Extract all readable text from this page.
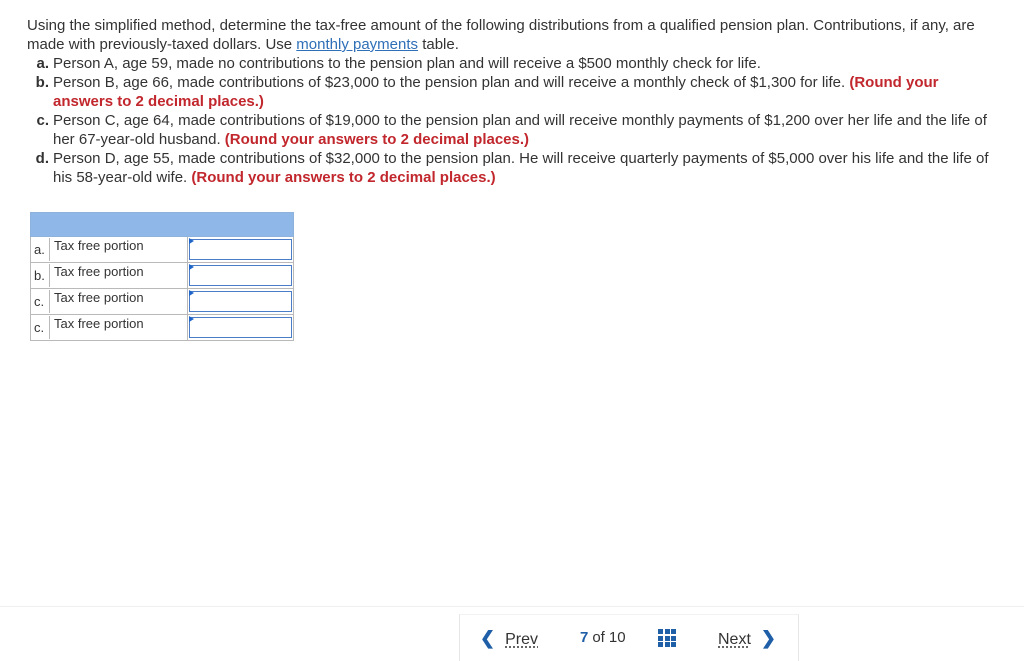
Using the simplified method, determine the tax-free amount of the following distributions from a qualified pension plan. Contributions, if any, are made with previously-taxed dollars. Use monthly payments table.

a . Person A, age 59, made no contributions to the pension plan and will receive a $500 monthly check for life.
b . Person B, age 66, made contributions of $23,000 to the pension plan and will receive a monthly check of $1,300 for life. (Round your answers to 2 decimal places.)
c . Person C, age 64, made contributions of $19,000 to the pension plan and will receive monthly payments of $1,200 over her life and the life of her 67-year-old husband. (Round your answers to 2 decimal places.)
d . Person D, age 55, made contributions of $32,000 to the pension plan. He will receive quarterly payments of $5,000 over his life and the life of his 58-year-old wife. (Round your answers to 2 decimal places.)

a. Tax free portion	

b. Tax free portion	

c. Tax free portion	

c. Tax free portion	
❮ Prev	7 of 10	Next ❯
